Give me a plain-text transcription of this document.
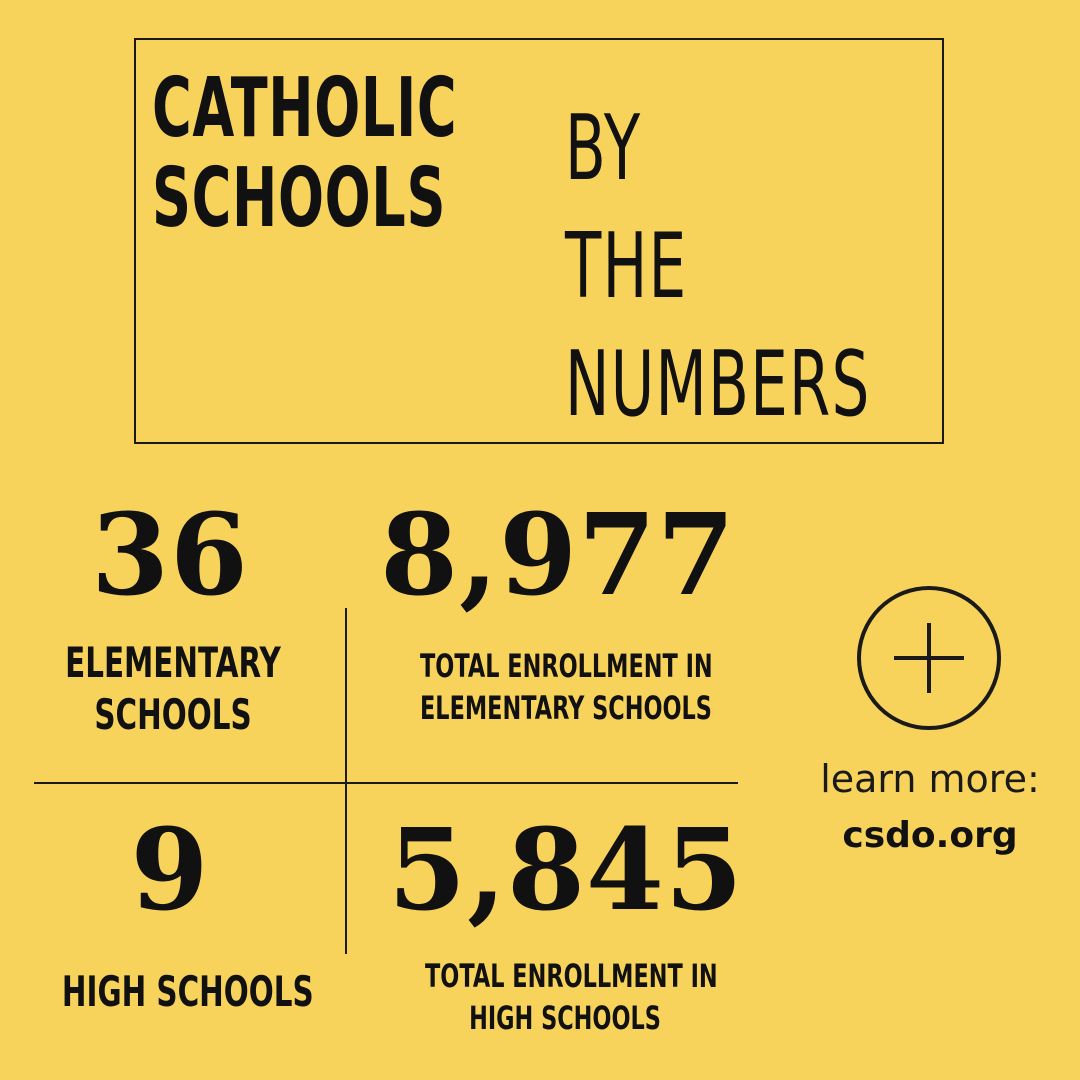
CATHOLIC
SCHOOLS BY
THE
NUMBERS
36
ELEMENTARY
SCHOOLS
8,977
TOTAL ENROLLMENT IN
ELEMENTARY SCHOOLS
9
HIGH SCHOOLS
5,845
TOTAL ENROLLMENT IN
HIGH SCHOOLS
learn more:
csdo.org
